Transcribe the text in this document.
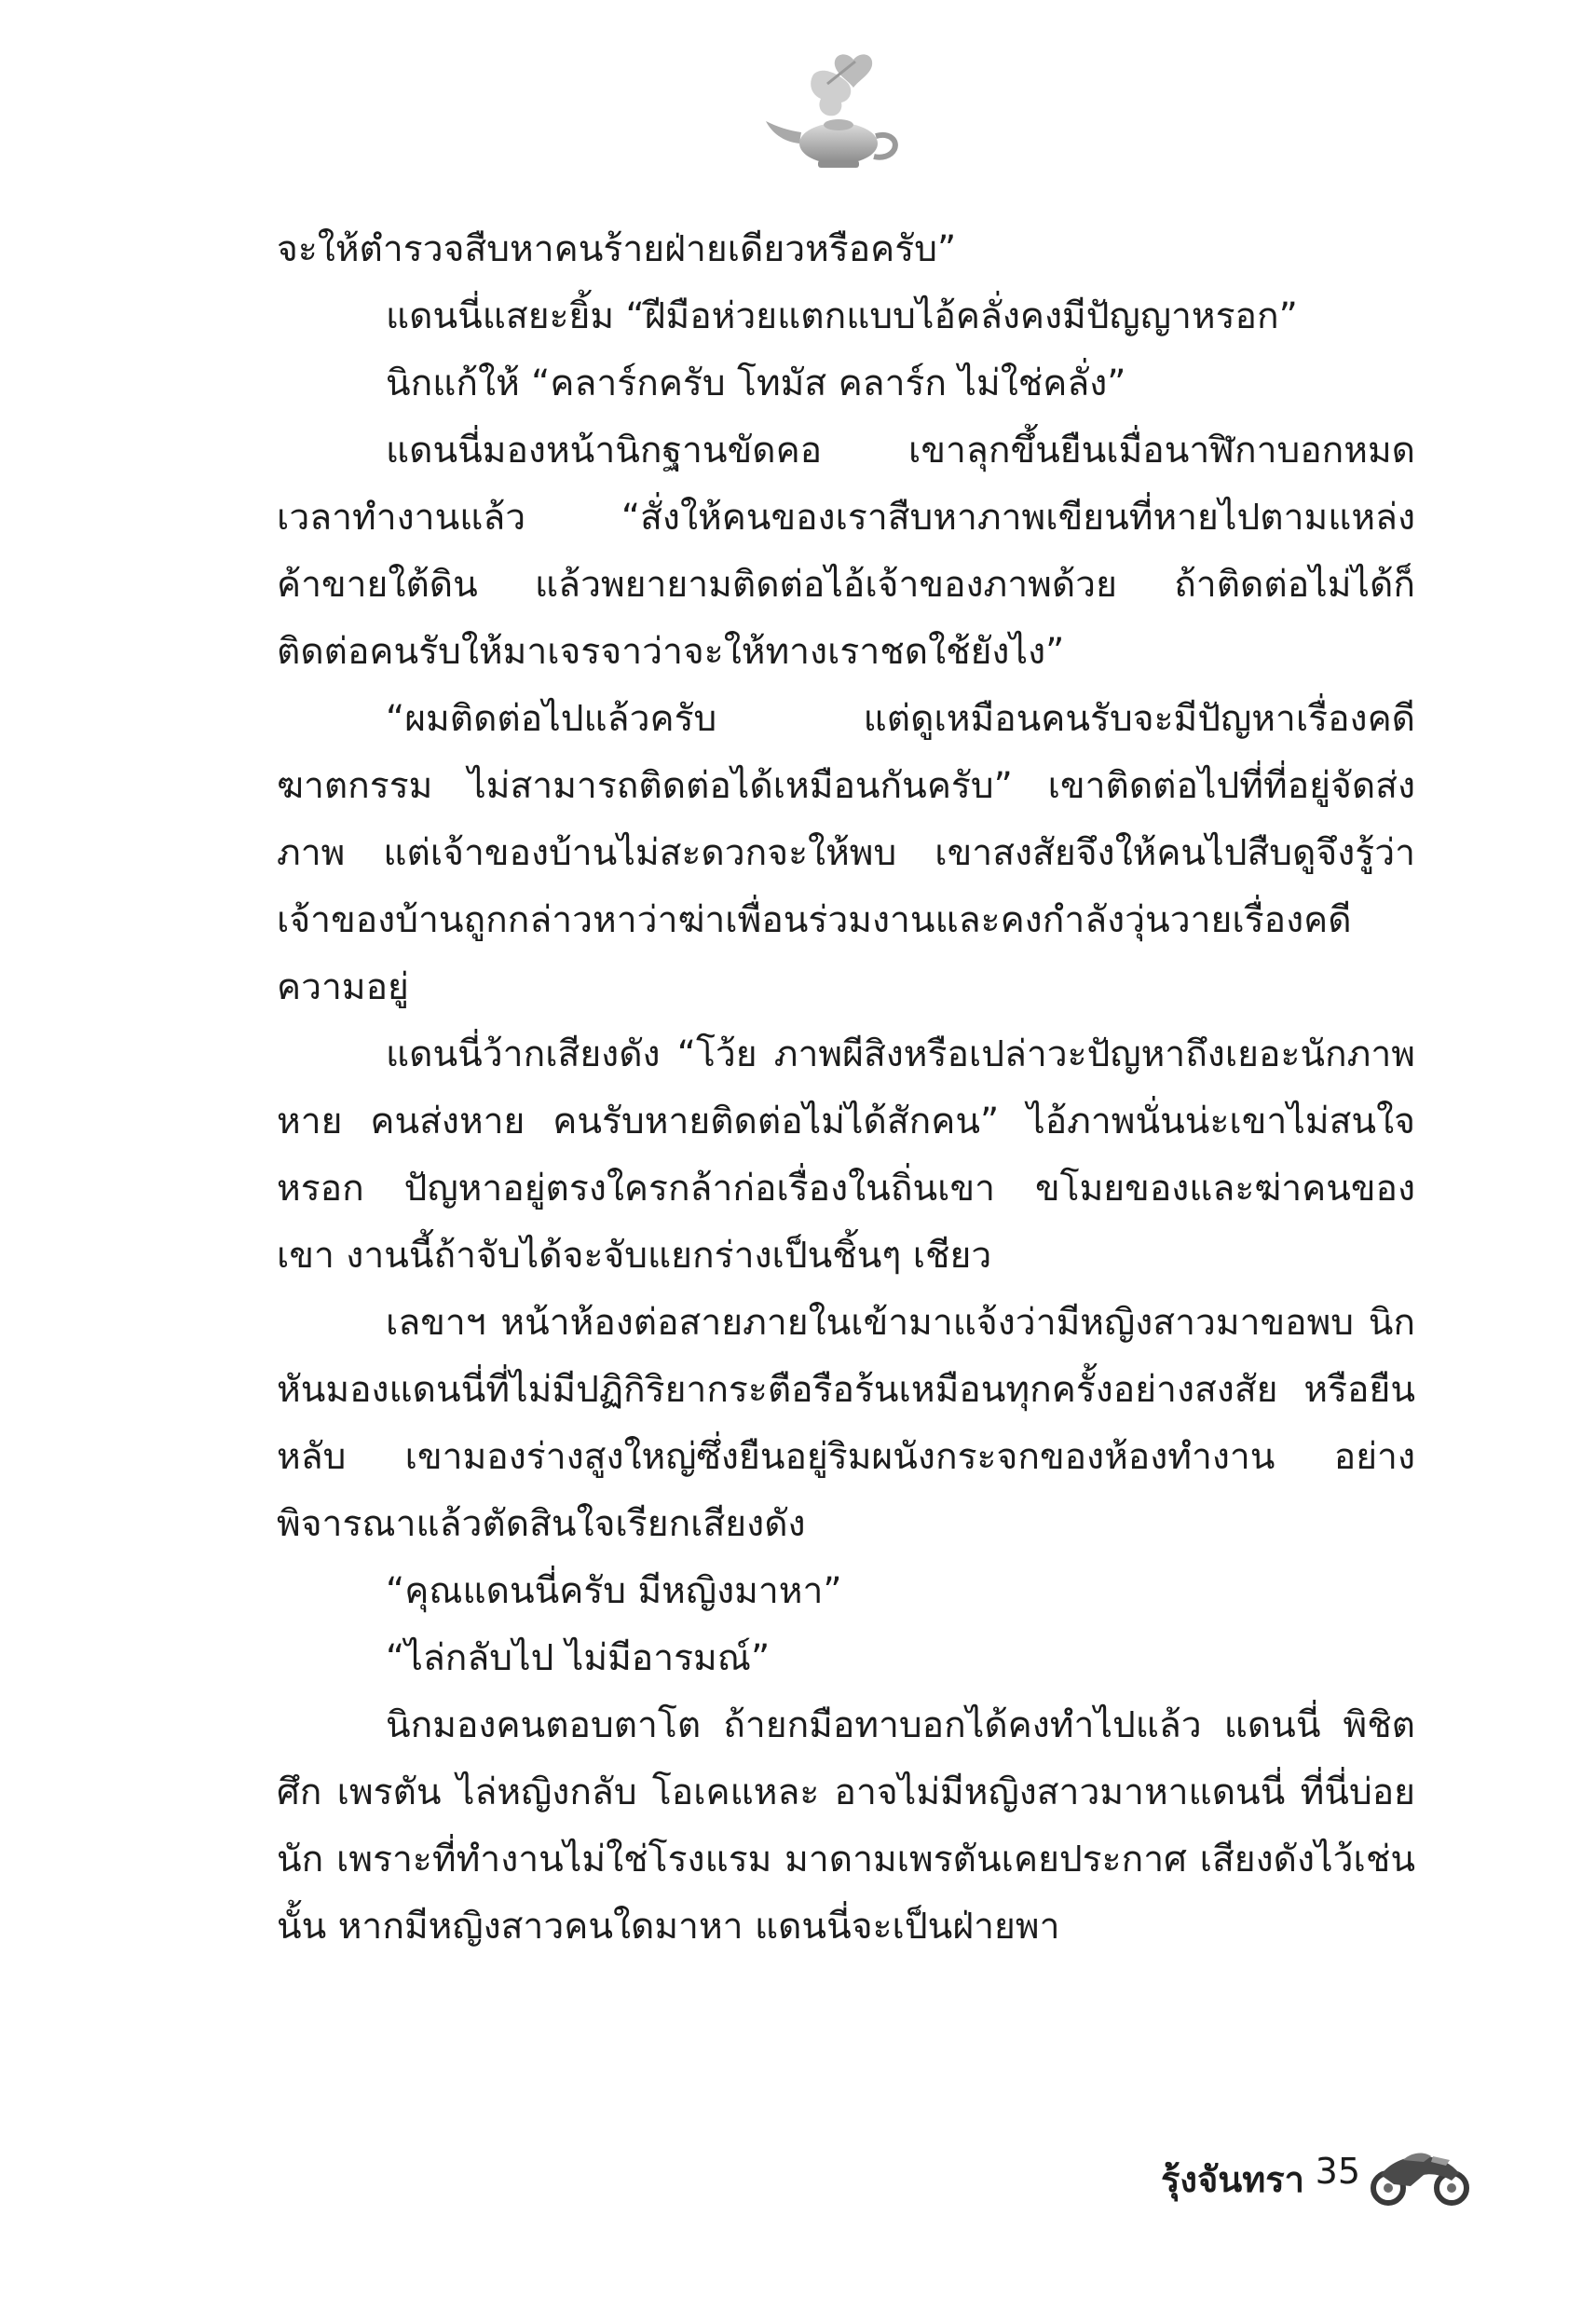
จะให้ตำรวจสืบหาคนร้ายฝ่ายเดียวหรือครับ”

แดนนี่แสยะยิ้ม “ฝีมือห่วยแตกแบบไอ้คลั่งคงมีปัญญาหรอก”

นิกแก้ให้ “คลาร์กครับ โทมัส คลาร์ก ไม่ใช่คลั่ง”

แดนนี่มองหน้านิกฐานขัดคอ เขาลุกขึ้นยืนเมื่อนาฬิกาบอกหมดเวลาทำงานแล้ว “สั่งให้คนของเราสืบหาภาพเขียนที่หายไปตามแหล่งค้าขายใต้ดิน แล้วพยายามติดต่อไอ้เจ้าของภาพด้วย ถ้าติดต่อไม่ได้ก็ติดต่อคนรับให้มาเจรจาว่าจะให้ทางเราชดใช้ยังไง”

“ผมติดต่อไปแล้วครับ แต่ดูเหมือนคนรับจะมีปัญหาเรื่องคดีฆาตกรรม ไม่สามารถติดต่อได้เหมือนกันครับ” เขาติดต่อไปที่ที่อยู่จัดส่งภาพ แต่เจ้าของบ้านไม่สะดวกจะให้พบ เขาสงสัยจึงให้คนไปสืบดูจึงรู้ว่าเจ้าของบ้านถูกกล่าวหาว่าฆ่าเพื่อนร่วมงานและคงกำลังวุ่นวายเรื่องคดีความอยู่

แดนนี่ว้ากเสียงดัง “โว้ย ภาพผีสิงหรือเปล่าวะปัญหาถึงเยอะนักภาพหาย คนส่งหาย คนรับหายติดต่อไม่ได้สักคน” ไอ้ภาพนั่นน่ะเขาไม่สนใจหรอก ปัญหาอยู่ตรงใครกล้าก่อเรื่องในถิ่นเขา ขโมยของและฆ่าคนของเขา งานนี้ถ้าจับได้จะจับแยกร่างเป็นชิ้นๆ เชียว

เลขาฯ หน้าห้องต่อสายภายในเข้ามาแจ้งว่ามีหญิงสาวมาขอพบ นิกหันมองแดนนี่ที่ไม่มีปฏิกิริยากระตือรือร้นเหมือนทุกครั้งอย่างสงสัย หรือยืนหลับ เขามองร่างสูงใหญ่ซึ่งยืนอยู่ริมผนังกระจกของห้องทำงาน อย่างพิจารณาแล้วตัดสินใจเรียกเสียงดัง

“คุณแดนนี่ครับ มีหญิงมาหา”

“ไล่กลับไป ไม่มีอารมณ์”

นิกมองคนตอบตาโต ถ้ายกมือทาบอกได้คงทำไปแล้ว แดนนี่ พิชิตศึก เพรตัน ไล่หญิงกลับ โอเคแหละ อาจไม่มีหญิงสาวมาหาแดนนี่ ที่นี่บ่อยนัก เพราะที่ทำงานไม่ใช่โรงแรม มาดามเพรตันเคยประกาศ เสียงดังไว้เช่นนั้น หากมีหญิงสาวคนใดมาหา แดนนี่จะเป็นฝ่ายพา

รุ้งจันทรา 35
